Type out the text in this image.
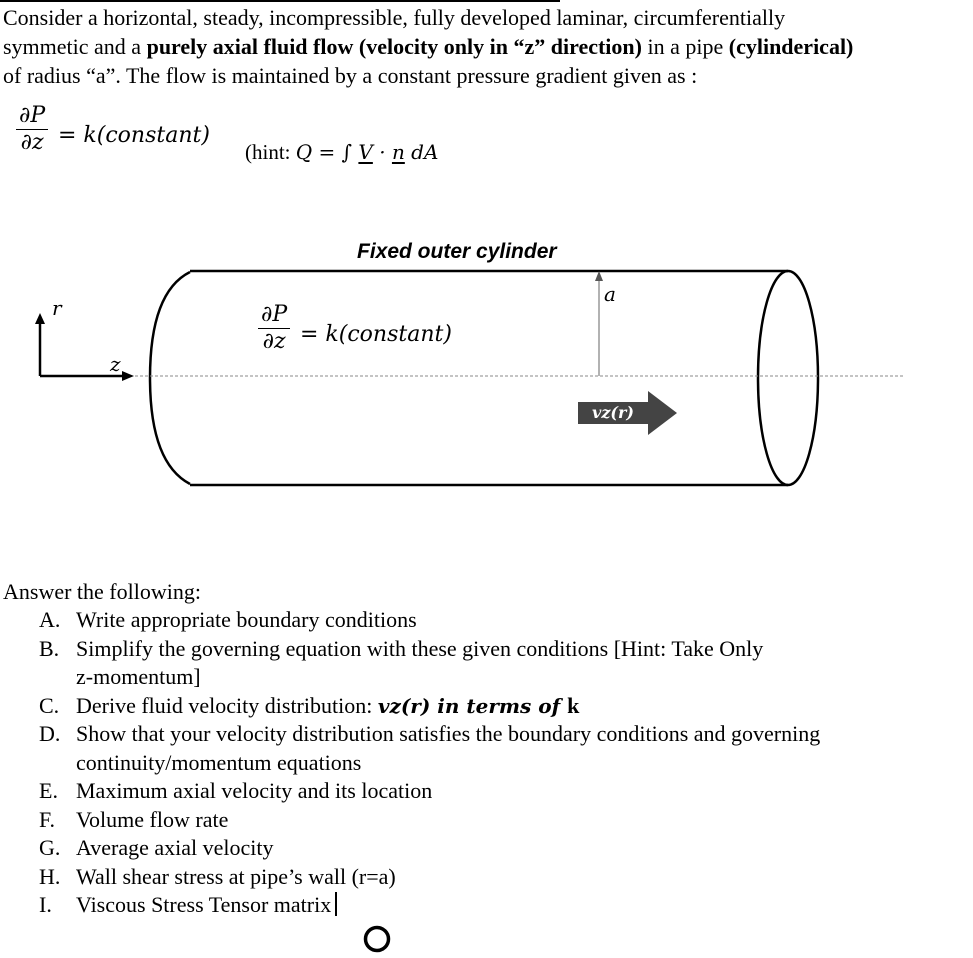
Consider a horizontal, steady, incompressible, fully developed laminar, circumferentially
symmetic and a purely axial fluid flow (velocity only in “z” direction) in a pipe (cylinderical)
of radius “a”. The flow is maintained by a constant pressure gradient given as :
$\frac{\partial P}{\partial z}$ = k(constant)
(hint: Q = ∫ V · n dA
Fixed outer cylinder
r
z
a
$\frac{\partial P}{\partial z}$ = k(constant)
vz(r)
Answer the following:
A. Write appropriate boundary conditions
B. Simplify the governing equation with these given conditions [Hint: Take Only
z-momentum]
C. Derive fluid velocity distribution: vz(r) in terms of k
D. Show that your velocity distribution satisfies the boundary conditions and governing
continuity/momentum equations
E. Maximum axial velocity and its location
F. Volume flow rate
G. Average axial velocity
H. Wall shear stress at pipe’s wall (r=a)
I. Viscous Stress Tensor matrix
